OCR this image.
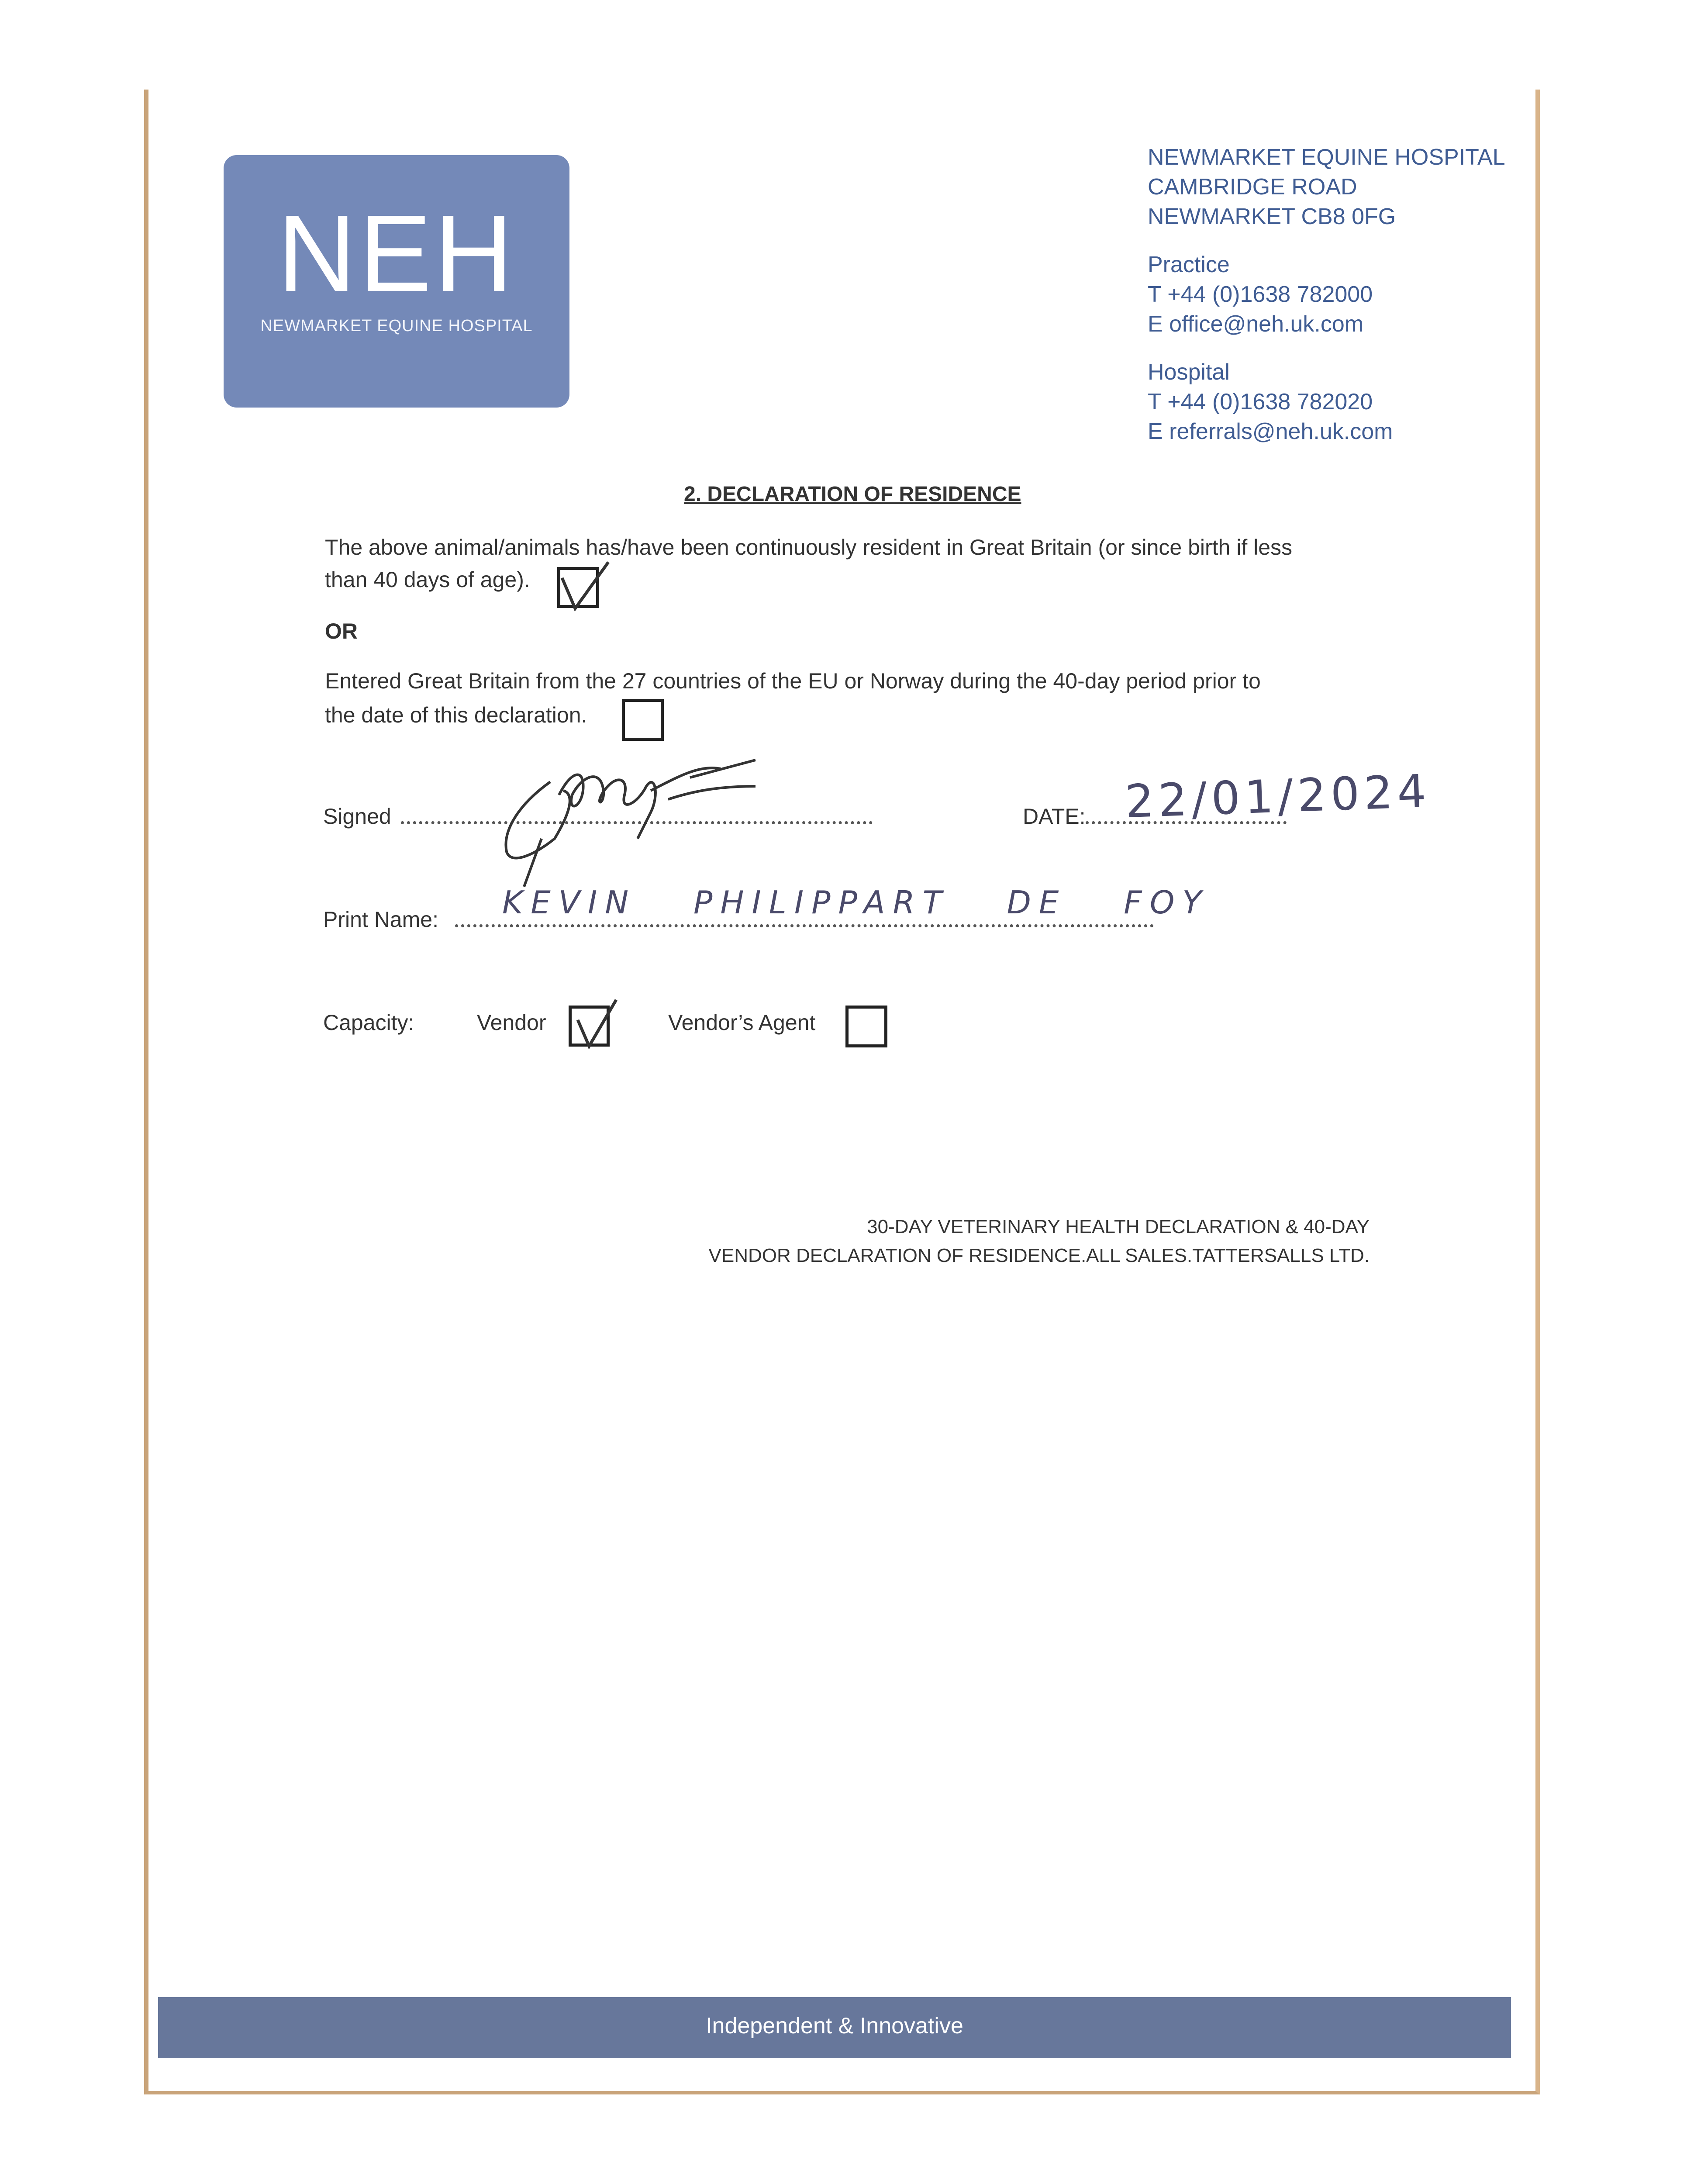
NEH
NEWMARKET EQUINE HOSPITAL
NEWMARKET EQUINE HOSPITAL
CAMBRIDGE ROAD
NEWMARKET CB8 0FG
Practice
T +44 (0)1638 782000
E office@neh.uk.com
Hospital
T +44 (0)1638 782020
E referrals@neh.uk.com
2. DECLARATION OF RESIDENCE
The above animal/animals has/have been continuously resident in Great Britain (or since birth if less
than 40 days of age).
OR
Entered Great Britain from the 27 countries of the EU or Norway during the 40-day period prior to
the date of this declaration.
Signed	DATE: 22/01/2024
Print Name: KEVIN PHILIPPART DE FOY
Capacity:	Vendor	Vendor’s Agent
30-DAY VETERINARY HEALTH DECLARATION & 40-DAY
VENDOR DECLARATION OF RESIDENCE.ALL SALES.TATTERSALLS LTD.
Independent & Innovative
